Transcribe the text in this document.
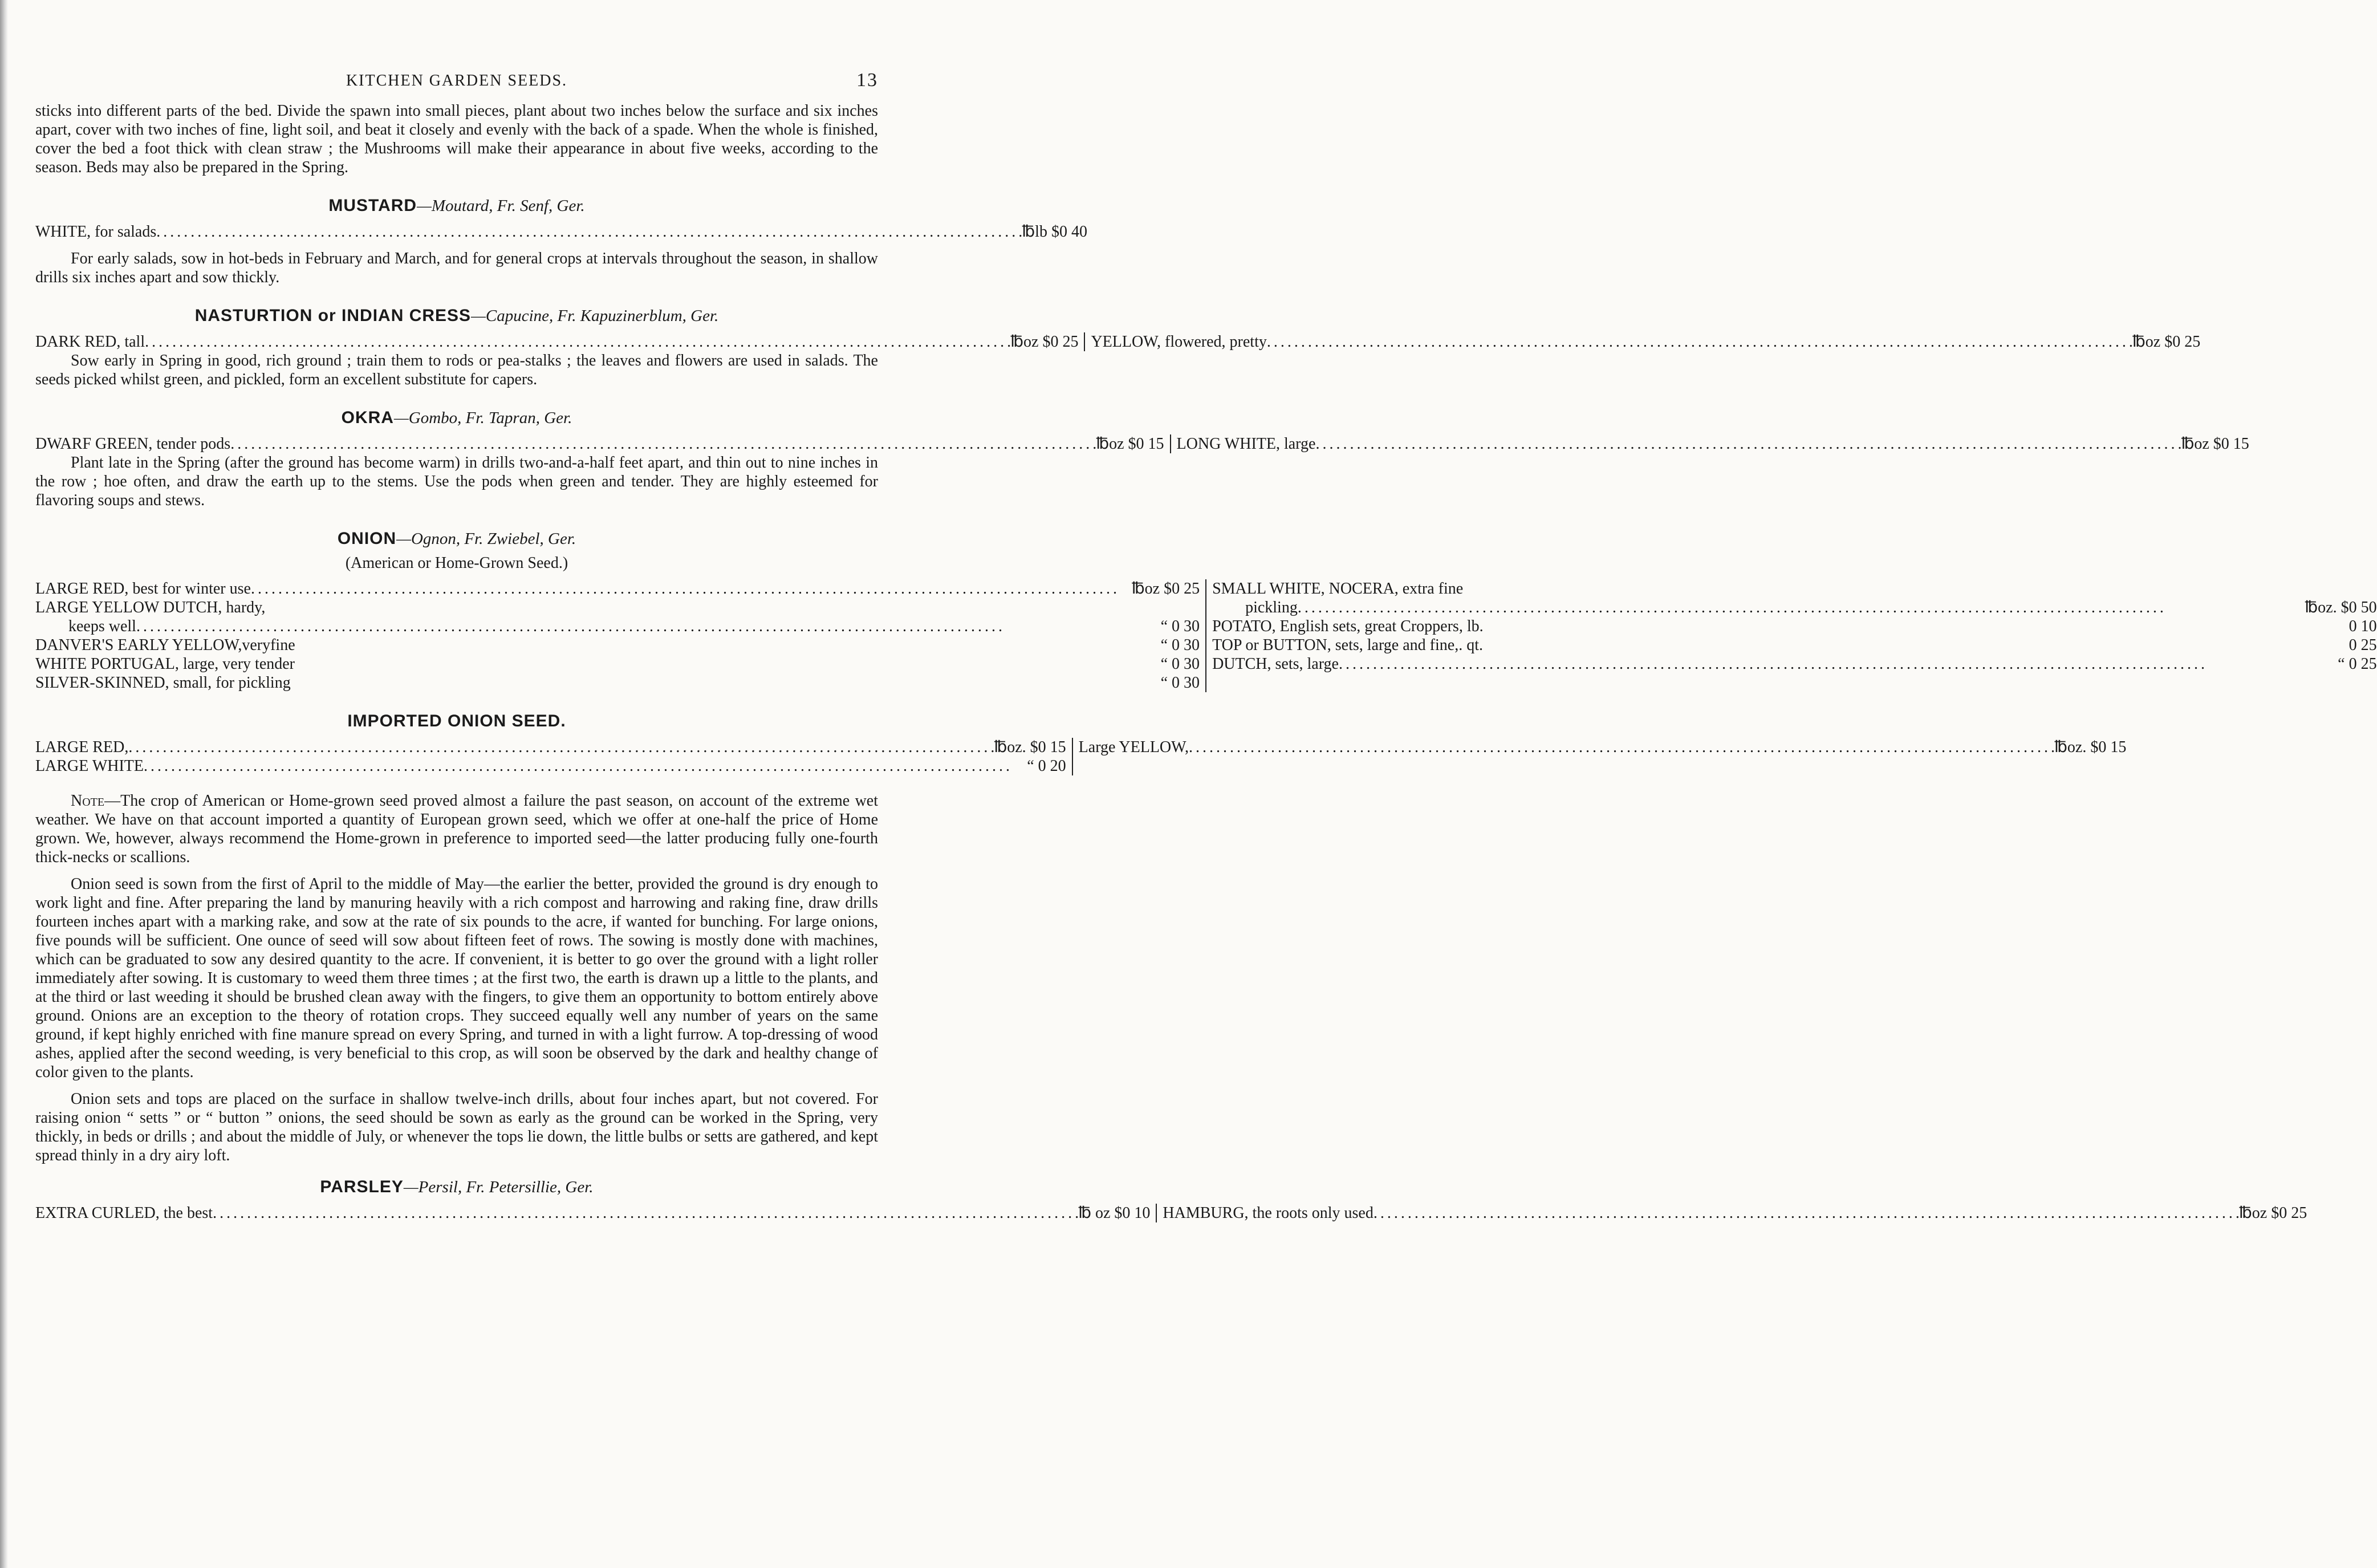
KITCHEN GARDEN SEEDS.	13

sticks into different parts of the bed. Divide the spawn into small pieces, plant about two inches below the surface and six inches apart, cover with two inches of fine, light soil, and beat it closely and evenly with the back of a spade. When the whole is finished, cover the bed a foot thick with clean straw ; the Mushrooms will make their appearance in about five weeks, according to the season. Beds may also be prepared in the Spring.

MUSTARD—Moutard, Fr. Senf, Ger.
WHITE, for salads . . .	℔lb $0 40

For early salads, sow in hot-beds in February and March, and for general crops at intervals throughout the season, in shallow drills six inches apart and sow thickly.

NASTURTION or INDIAN CRESS—Capucine, Fr. Kapuzinerblum, Ger.
DARK RED, tall . . .	℔oz $0 25 YELLOW, flowered, pretty . . .	℔oz $0 25

Sow early in Spring in good, rich ground ; train them to rods or pea-stalks ; the leaves and flowers are used in salads. The seeds picked whilst green, and pickled, form an excellent substitute for capers.

OKRA—Gombo, Fr. Tapran, Ger.
DWARF GREEN, tender pods . . .	℔oz $0 15 LONG WHITE, large . . .	℔oz $0 15

Plant late in the Spring (after the ground has become warm) in drills two-and-a-half feet apart, and thin out to nine inches in the row ; hoe often, and draw the earth up to the stems. Use the pods when green and tender. They are highly esteemed for flavoring soups and stews.

ONION—Ognon, Fr. Zwiebel, Ger.
(American or Home-Grown Seed.)
LARGE RED, best for winter use . . .	℔oz $0 25
LARGE YELLOW DUTCH, hardy,
keeps well . . .	“ 0 30
DANVER'S EARLY YELLOW,veryfine	“ 0 30
WHITE PORTUGAL, large, very tender	“ 0 30
SILVER-SKINNED, small, for pickling	“ 0 30
SMALL WHITE, NOCERA, extra fine
pickling . . .	℔oz. $0 50
POTATO, English sets, great Croppers, lb.	0 10
TOP or BUTTON, sets, large and fine,. qt.	0 25
DUTCH, sets, large . . .	“ 0 25
IMPORTED ONION SEED.
LARGE RED, . . .	℔oz. $0 15
LARGE WHITE . . .	“ 0 20
Large YELLOW, . . .	℔oz. $0 15

Note—The crop of American or Home-grown seed proved almost a failure the past season, on account of the extreme wet weather. We have on that account imported a quantity of European grown seed, which we offer at one-half the price of Home grown. We, however, always recommend the Home-grown in preference to imported seed—the latter producing fully one-fourth thick-necks or scallions.

Onion seed is sown from the first of April to the middle of May—the earlier the better, provided the ground is dry enough to work light and fine. After preparing the land by manuring heavily with a rich compost and harrowing and raking fine, draw drills fourteen inches apart with a marking rake, and sow at the rate of six pounds to the acre, if wanted for bunching. For large onions, five pounds will be sufficient. One ounce of seed will sow about fifteen feet of rows. The sowing is mostly done with machines, which can be graduated to sow any desired quantity to the acre. If convenient, it is better to go over the ground with a light roller immediately after sowing. It is customary to weed them three times ; at the first two, the earth is drawn up a little to the plants, and at the third or last weeding it should be brushed clean away with the fingers, to give them an opportunity to bottom entirely above ground. Onions are an exception to the theory of rotation crops. They succeed equally well any number of years on the same ground, if kept highly enriched with fine manure spread on every Spring, and turned in with a light furrow. A top-dressing of wood ashes, applied after the second weeding, is very beneficial to this crop, as will soon be observed by the dark and healthy change of color given to the plants.

Onion sets and tops are placed on the surface in shallow twelve-inch drills, about four inches apart, but not covered. For raising onion “ setts ” or “ button ” onions, the seed should be sown as early as the ground can be worked in the Spring, very thickly, in beds or drills ; and about the middle of July, or whenever the tops lie down, the little bulbs or setts are gathered, and kept spread thinly in a dry airy loft.

PARSLEY—Persil, Fr. Petersillie, Ger.
EXTRA CURLED, the best . . .	℔ oz $0 10 HAMBURG, the roots only used . . .	℔oz $0 25
